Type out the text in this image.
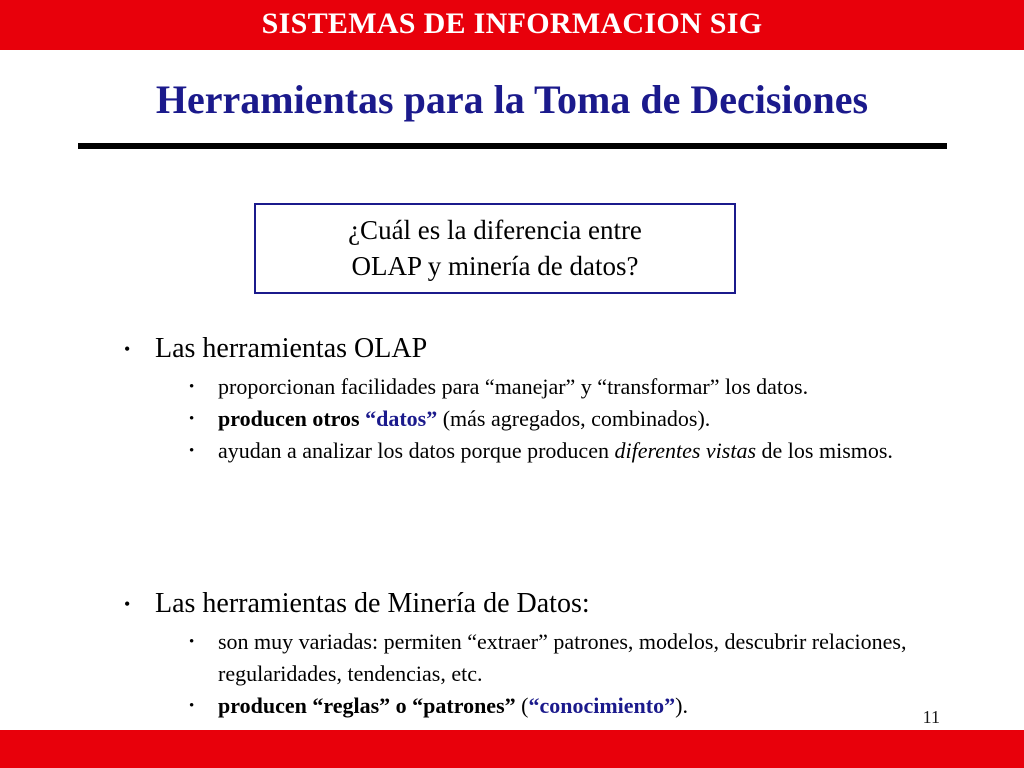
SISTEMAS DE INFORMACION SIG
Herramientas para la Toma de Decisiones
¿Cuál es la diferencia entre
OLAP y minería de datos?
• Las herramientas OLAP
• proporcionan facilidades para “manejar” y “transformar” los datos.
• producen otros “datos” (más agregados, combinados).
• ayudan a analizar los datos porque producen diferentes vistas de los mismos.
• Las herramientas de Minería de Datos:
• son muy variadas: permiten “extraer” patrones, modelos, descubrir relaciones, regularidades, tendencias, etc.
• producen “reglas” o “patrones” (“conocimiento”).	11
